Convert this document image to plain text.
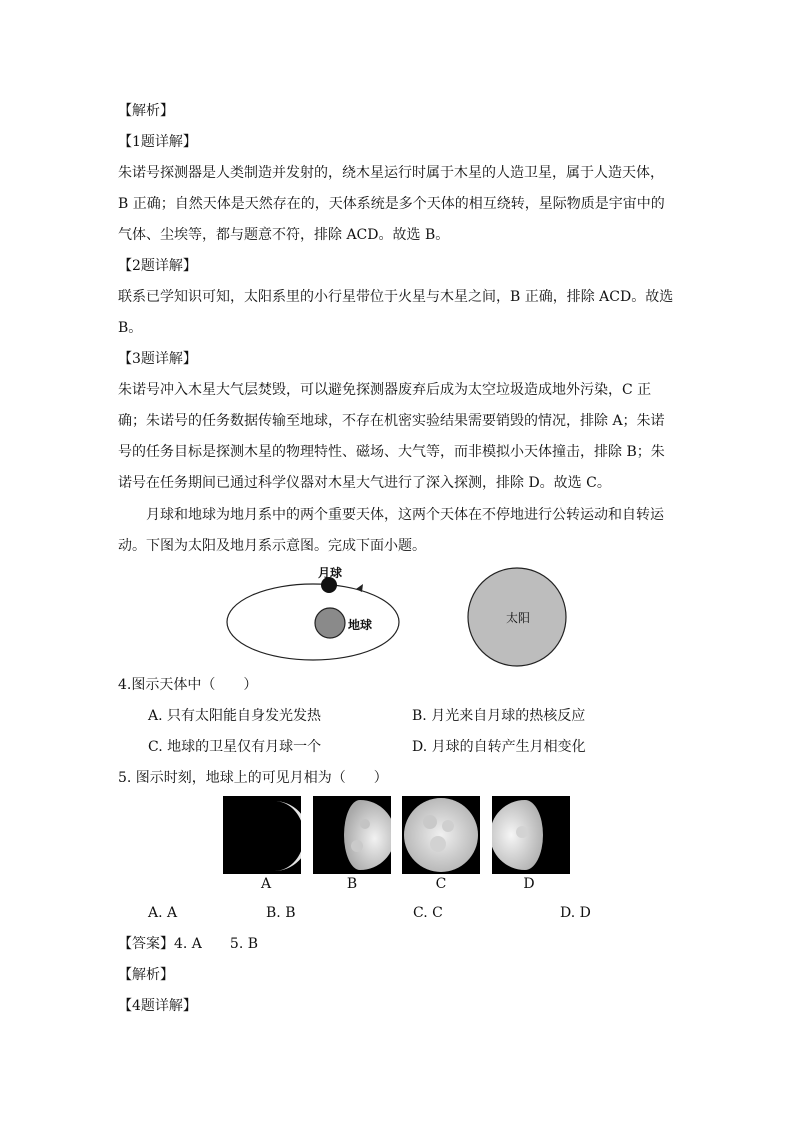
【解析】
【1题详解】
朱诺号探测器是人类制造并发射的，绕木星运行时属于木星的人造卫星，属于人造天体，
B 正确；自然天体是天然存在的，天体系统是多个天体的相互绕转，星际物质是宇宙中的
气体、尘埃等，都与题意不符，排除 ACD。故选 B。
【2题详解】
联系已学知识可知，太阳系里的小行星带位于火星与木星之间，B 正确，排除 ACD。故选
B。
【3题详解】
朱诺号冲入木星大气层焚毁，可以避免探测器废弃后成为太空垃圾造成地外污染，C 正
确；朱诺号的任务数据传输至地球，不存在机密实验结果需要销毁的情况，排除 A；朱诺
号的任务目标是探测木星的物理特性、磁场、大气等，而非模拟小天体撞击，排除 B；朱
诺号在任务期间已通过科学仪器对木星大气进行了深入探测，排除 D。故选 C。
月球和地球为地月系中的两个重要天体，这两个天体在不停地进行公转运动和自转运
动。下图为太阳及地月系示意图。完成下面小题。
月球
地球	太阳
4.图示天体中（　　）
A. 只有太阳能自身发光发热	B. 月光来自月球的热核反应
C. 地球的卫星仅有月球一个	D. 月球的自转产生月相变化
5. 图示时刻，地球上的可见月相为（　　）
A	B	C	D
A. A	B. B	C. C	D. D
【答案】4. A　　5. B
【解析】
【4题详解】
